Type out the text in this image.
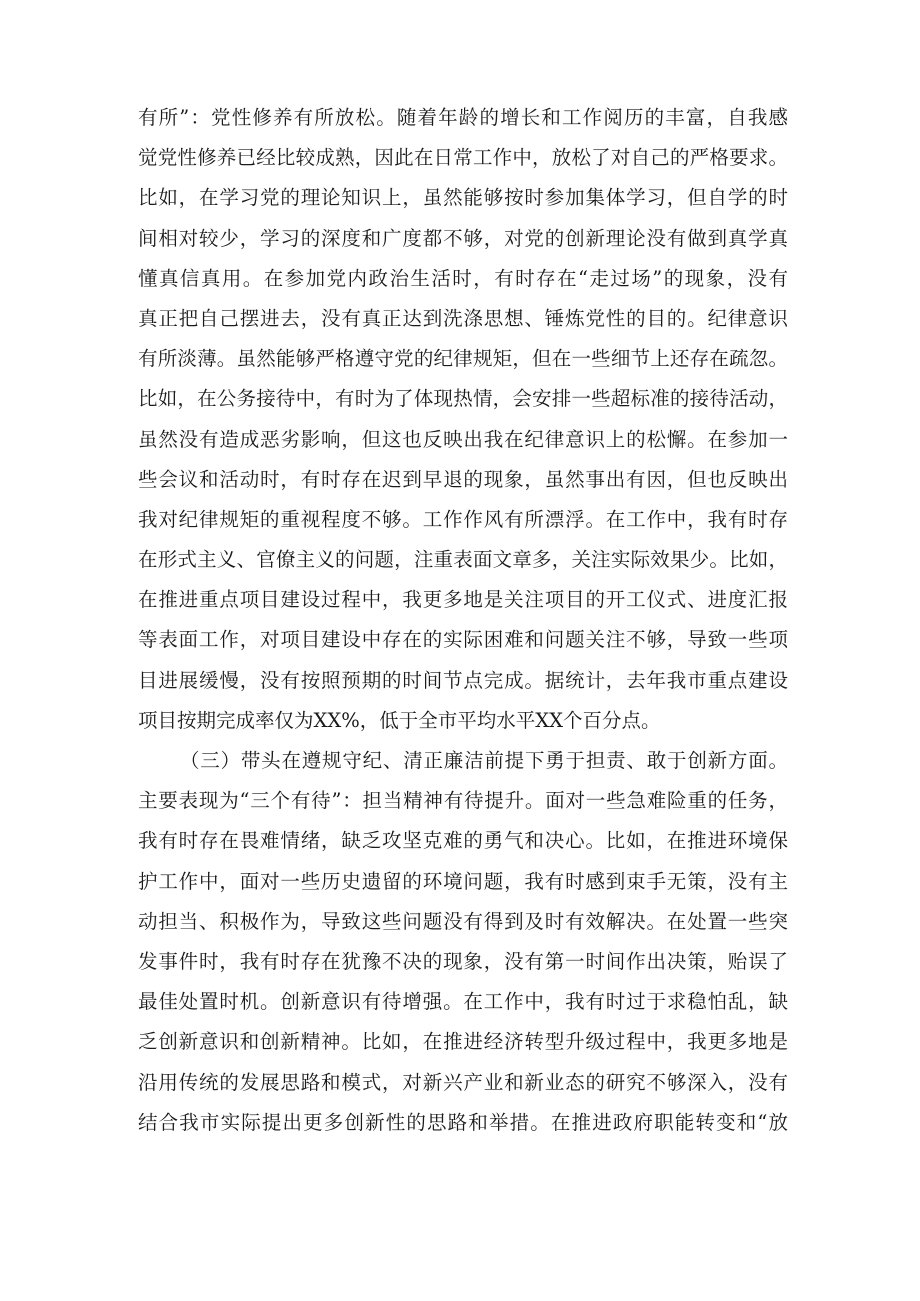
有所”：党性修养有所放松。随着年龄的增长和工作阅历的丰富，自我感
觉党性修养已经比较成熟，因此在日常工作中，放松了对自己的严格要求。
比如，在学习党的理论知识上，虽然能够按时参加集体学习，但自学的时
间相对较少，学习的深度和广度都不够，对党的创新理论没有做到真学真
懂真信真用。在参加党内政治生活时，有时存在“走过场”的现象，没有
真正把自己摆进去，没有真正达到洗涤思想、锤炼党性的目的。纪律意识
有所淡薄。虽然能够严格遵守党的纪律规矩，但在一些细节上还存在疏忽。
比如，在公务接待中，有时为了体现热情，会安排一些超标准的接待活动，
虽然没有造成恶劣影响，但这也反映出我在纪律意识上的松懈。在参加一
些会议和活动时，有时存在迟到早退的现象，虽然事出有因，但也反映出
我对纪律规矩的重视程度不够。工作作风有所漂浮。在工作中，我有时存
在形式主义、官僚主义的问题，注重表面文章多，关注实际效果少。比如，
在推进重点项目建设过程中，我更多地是关注项目的开工仪式、进度汇报
等表面工作，对项目建设中存在的实际困难和问题关注不够，导致一些项
目进展缓慢，没有按照预期的时间节点完成。据统计，去年我市重点建设
项目按期完成率仅为XX%，低于全市平均水平XX个百分点。
（三）带头在遵规守纪、清正廉洁前提下勇于担责、敢于创新方面。
主要表现为“三个有待”：担当精神有待提升。面对一些急难险重的任务，
我有时存在畏难情绪，缺乏攻坚克难的勇气和决心。比如，在推进环境保
护工作中，面对一些历史遗留的环境问题，我有时感到束手无策，没有主
动担当、积极作为，导致这些问题没有得到及时有效解决。在处置一些突
发事件时，我有时存在犹豫不决的现象，没有第一时间作出决策，贻误了
最佳处置时机。创新意识有待增强。在工作中，我有时过于求稳怕乱，缺
乏创新意识和创新精神。比如，在推进经济转型升级过程中，我更多地是
沿用传统的发展思路和模式，对新兴产业和新业态的研究不够深入，没有
结合我市实际提出更多创新性的思路和举措。在推进政府职能转变和“放
